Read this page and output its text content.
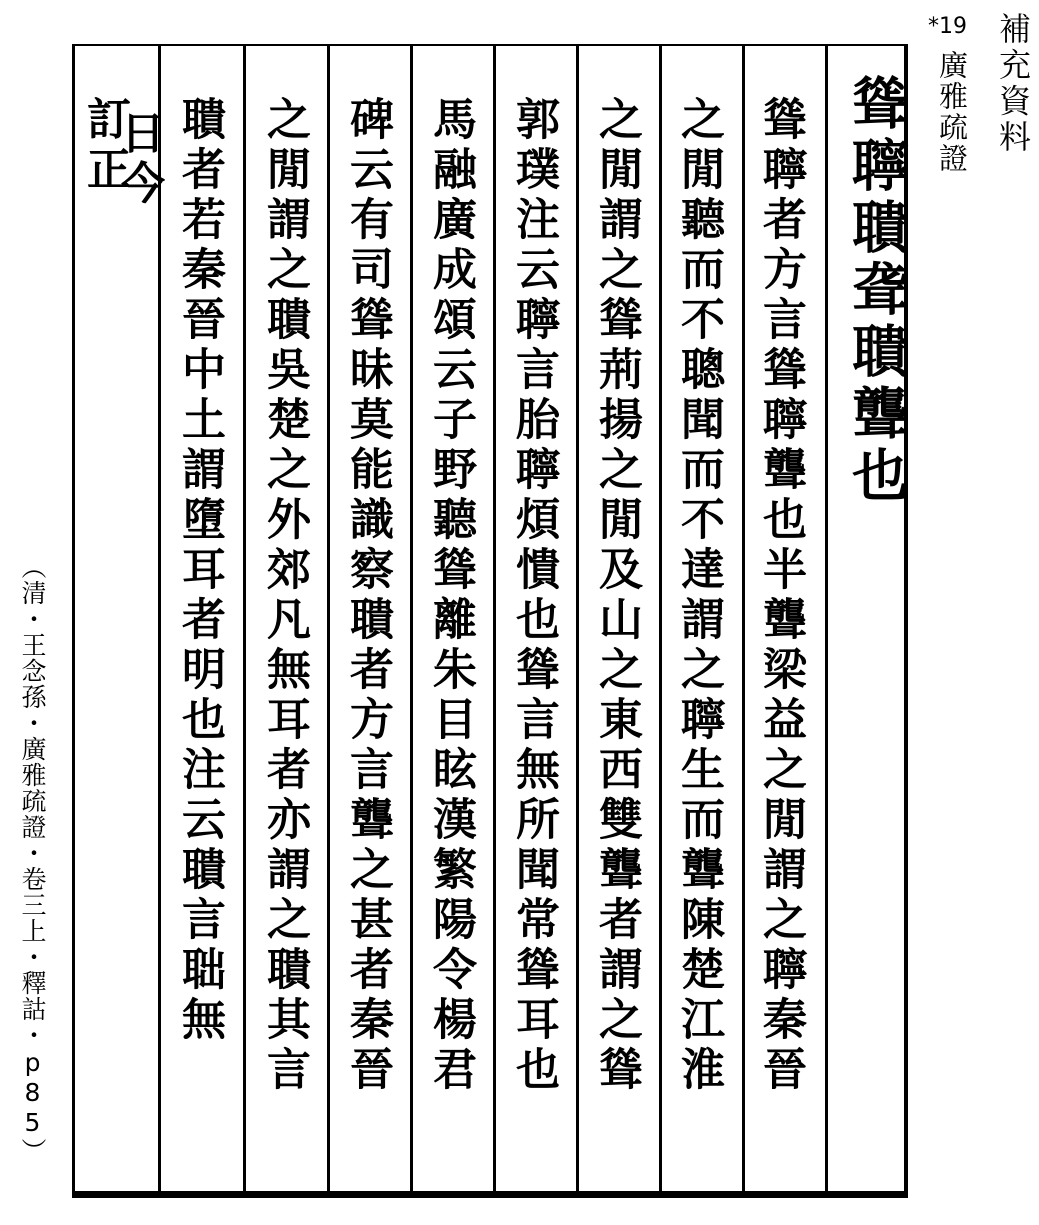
補充資料
*19
廣雅疏證
（清・王念孫・廣雅疏證・卷三上・釋詁・p85）
聳聹聵聋聵聾也
聳聹者方言聳聹聾也半聾梁益之閒謂之聹秦晉
之閒聽而不聰聞而不達謂之聹生而聾陳楚江淮
之閒謂之聳荊揚之閒及山之東西雙聾者謂之聳
郭璞注云聹言胎聹煩憒也聳言無所聞常聳耳也
馬融廣成頌云子野聽聳離朱目眩漢繁陽令楊君
碑云有司聳昧莫能識察聵者方言聾之甚者秦晉
之閒謂之聵吳楚之外郊凡無耳者亦謂之聵其言
聵者若秦晉中土謂墮耳者明也注云聵言聉無
日今
訂正
